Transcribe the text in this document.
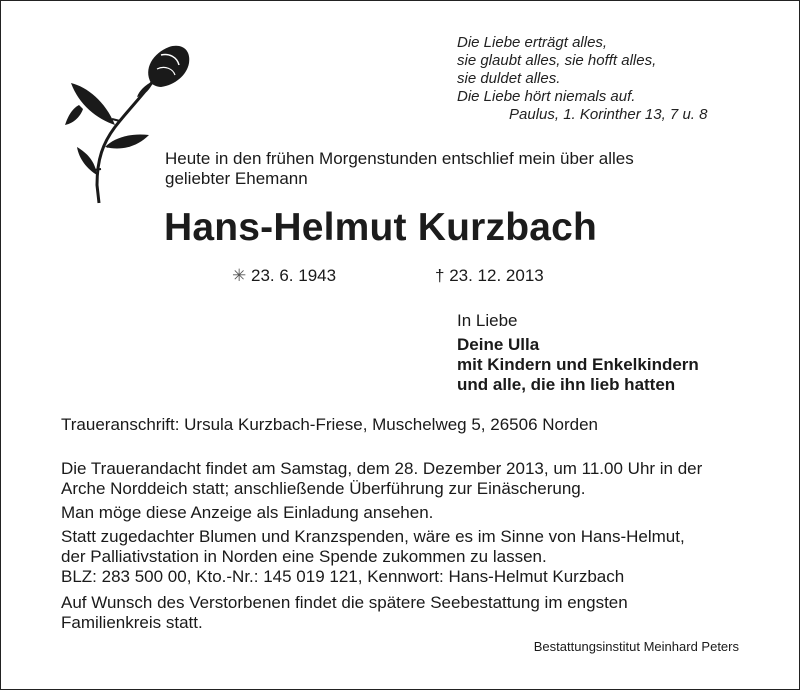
Die Liebe erträgt alles,
sie glaubt alles, sie hofft alles,
sie duldet alles.
Die Liebe hört niemals auf.
Paulus, 1. Korinther 13, 7 u. 8
Heute in den frühen Morgenstunden entschlief mein über alles
geliebter Ehemann
Hans-Helmut Kurzbach
✳ 23. 6. 1943	† 23. 12. 2013
In Liebe
Deine Ulla
mit Kindern und Enkelkindern
und alle, die ihn lieb hatten
Traueranschrift: Ursula Kurzbach-Friese, Muschelweg 5, 26506 Norden
Die Trauerandacht findet am Samstag, dem 28. Dezember 2013, um 11.00 Uhr in der
Arche Norddeich statt; anschließende Überführung zur Einäscherung.
Man möge diese Anzeige als Einladung ansehen.
Statt zugedachter Blumen und Kranzspenden, wäre es im Sinne von Hans-Helmut,
der Palliativstation in Norden eine Spende zukommen zu lassen.
BLZ: 283 500 00, Kto.-Nr.: 145 019 121, Kennwort: Hans-Helmut Kurzbach
Auf Wunsch des Verstorbenen findet die spätere Seebestattung im engsten
Familienkreis statt.
Bestattungsinstitut Meinhard Peters
